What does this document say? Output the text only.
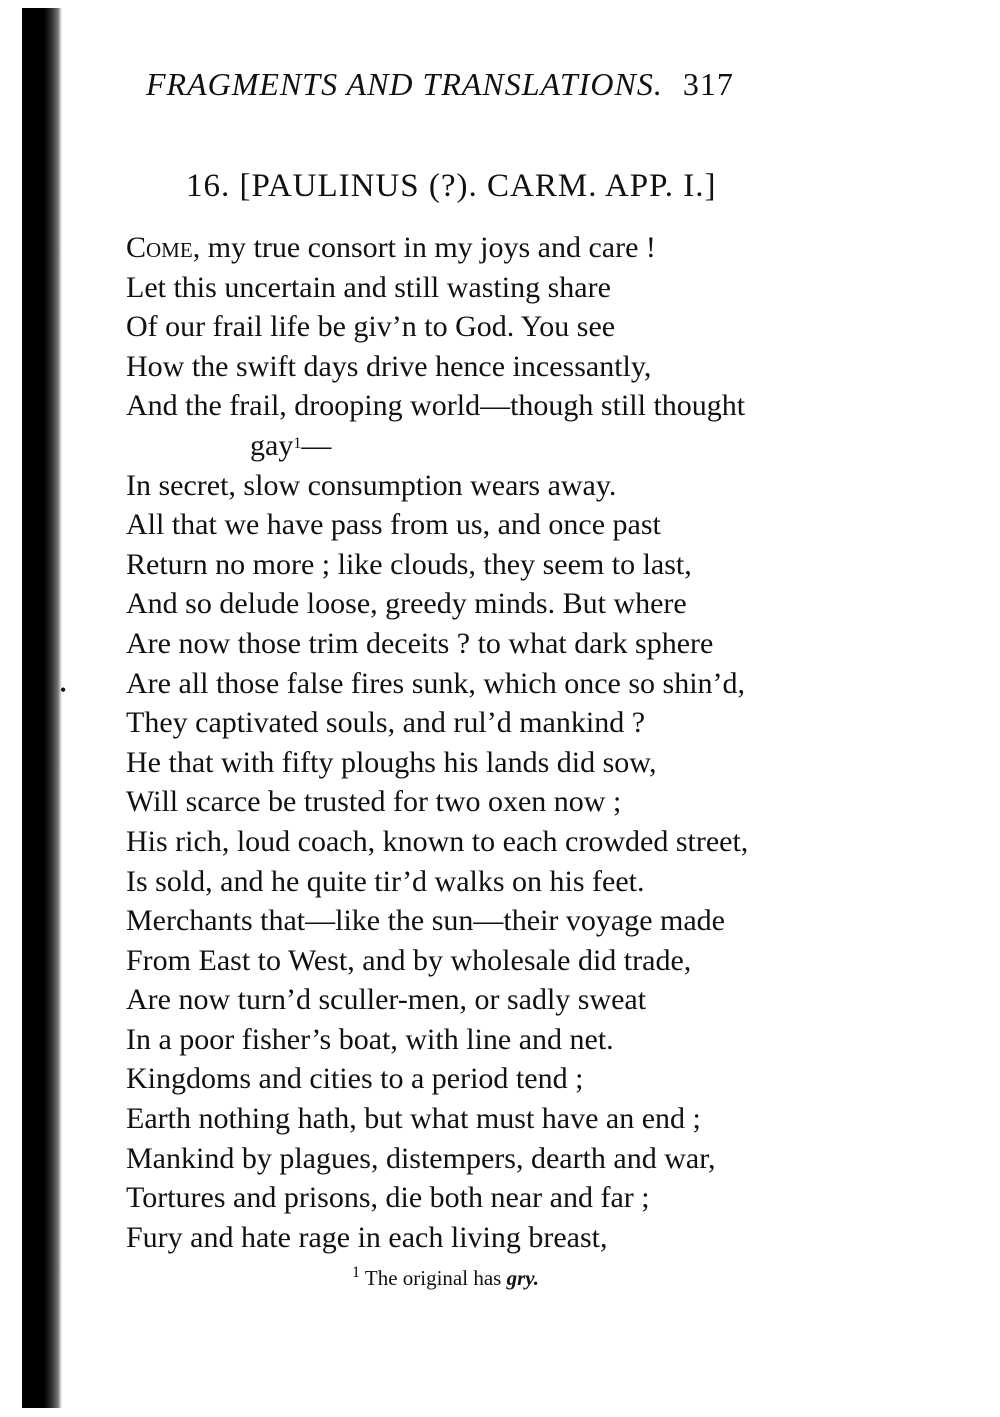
FRAGMENTS AND TRANSLATIONS. 317
16. [PAULINUS (?). CARM. APP. I.]
Come, my true consort in my joys and care !
Let this uncertain and still wasting share
Of our frail life be giv’n to God. You see
How the swift days drive hence incessantly,
And the frail, drooping world—though still thought
gay$^1$—
In secret, slow consumption wears away.
All that we have pass from us, and once past
Return no more ; like clouds, they seem to last,
And so delude loose, greedy minds. But where
Are now those trim deceits ? to what dark sphere
Are all those false fires sunk, which once so shin’d,
They captivated souls, and rul’d mankind ?
He that with fifty ploughs his lands did sow,
Will scarce be trusted for two oxen now ;
His rich, loud coach, known to each crowded street,
Is sold, and he quite tir’d walks on his feet.
Merchants that—like the sun—their voyage made
From East to West, and by wholesale did trade,
Are now turn’d sculler-men, or sadly sweat
In a poor fisher’s boat, with line and net.
Kingdoms and cities to a period tend ;
Earth nothing hath, but what must have an end ;
Mankind by plagues, distempers, dearth and war,
Tortures and prisons, die both near and far ;
Fury and hate rage in each living breast,
•
$^1$ The original has gry.
